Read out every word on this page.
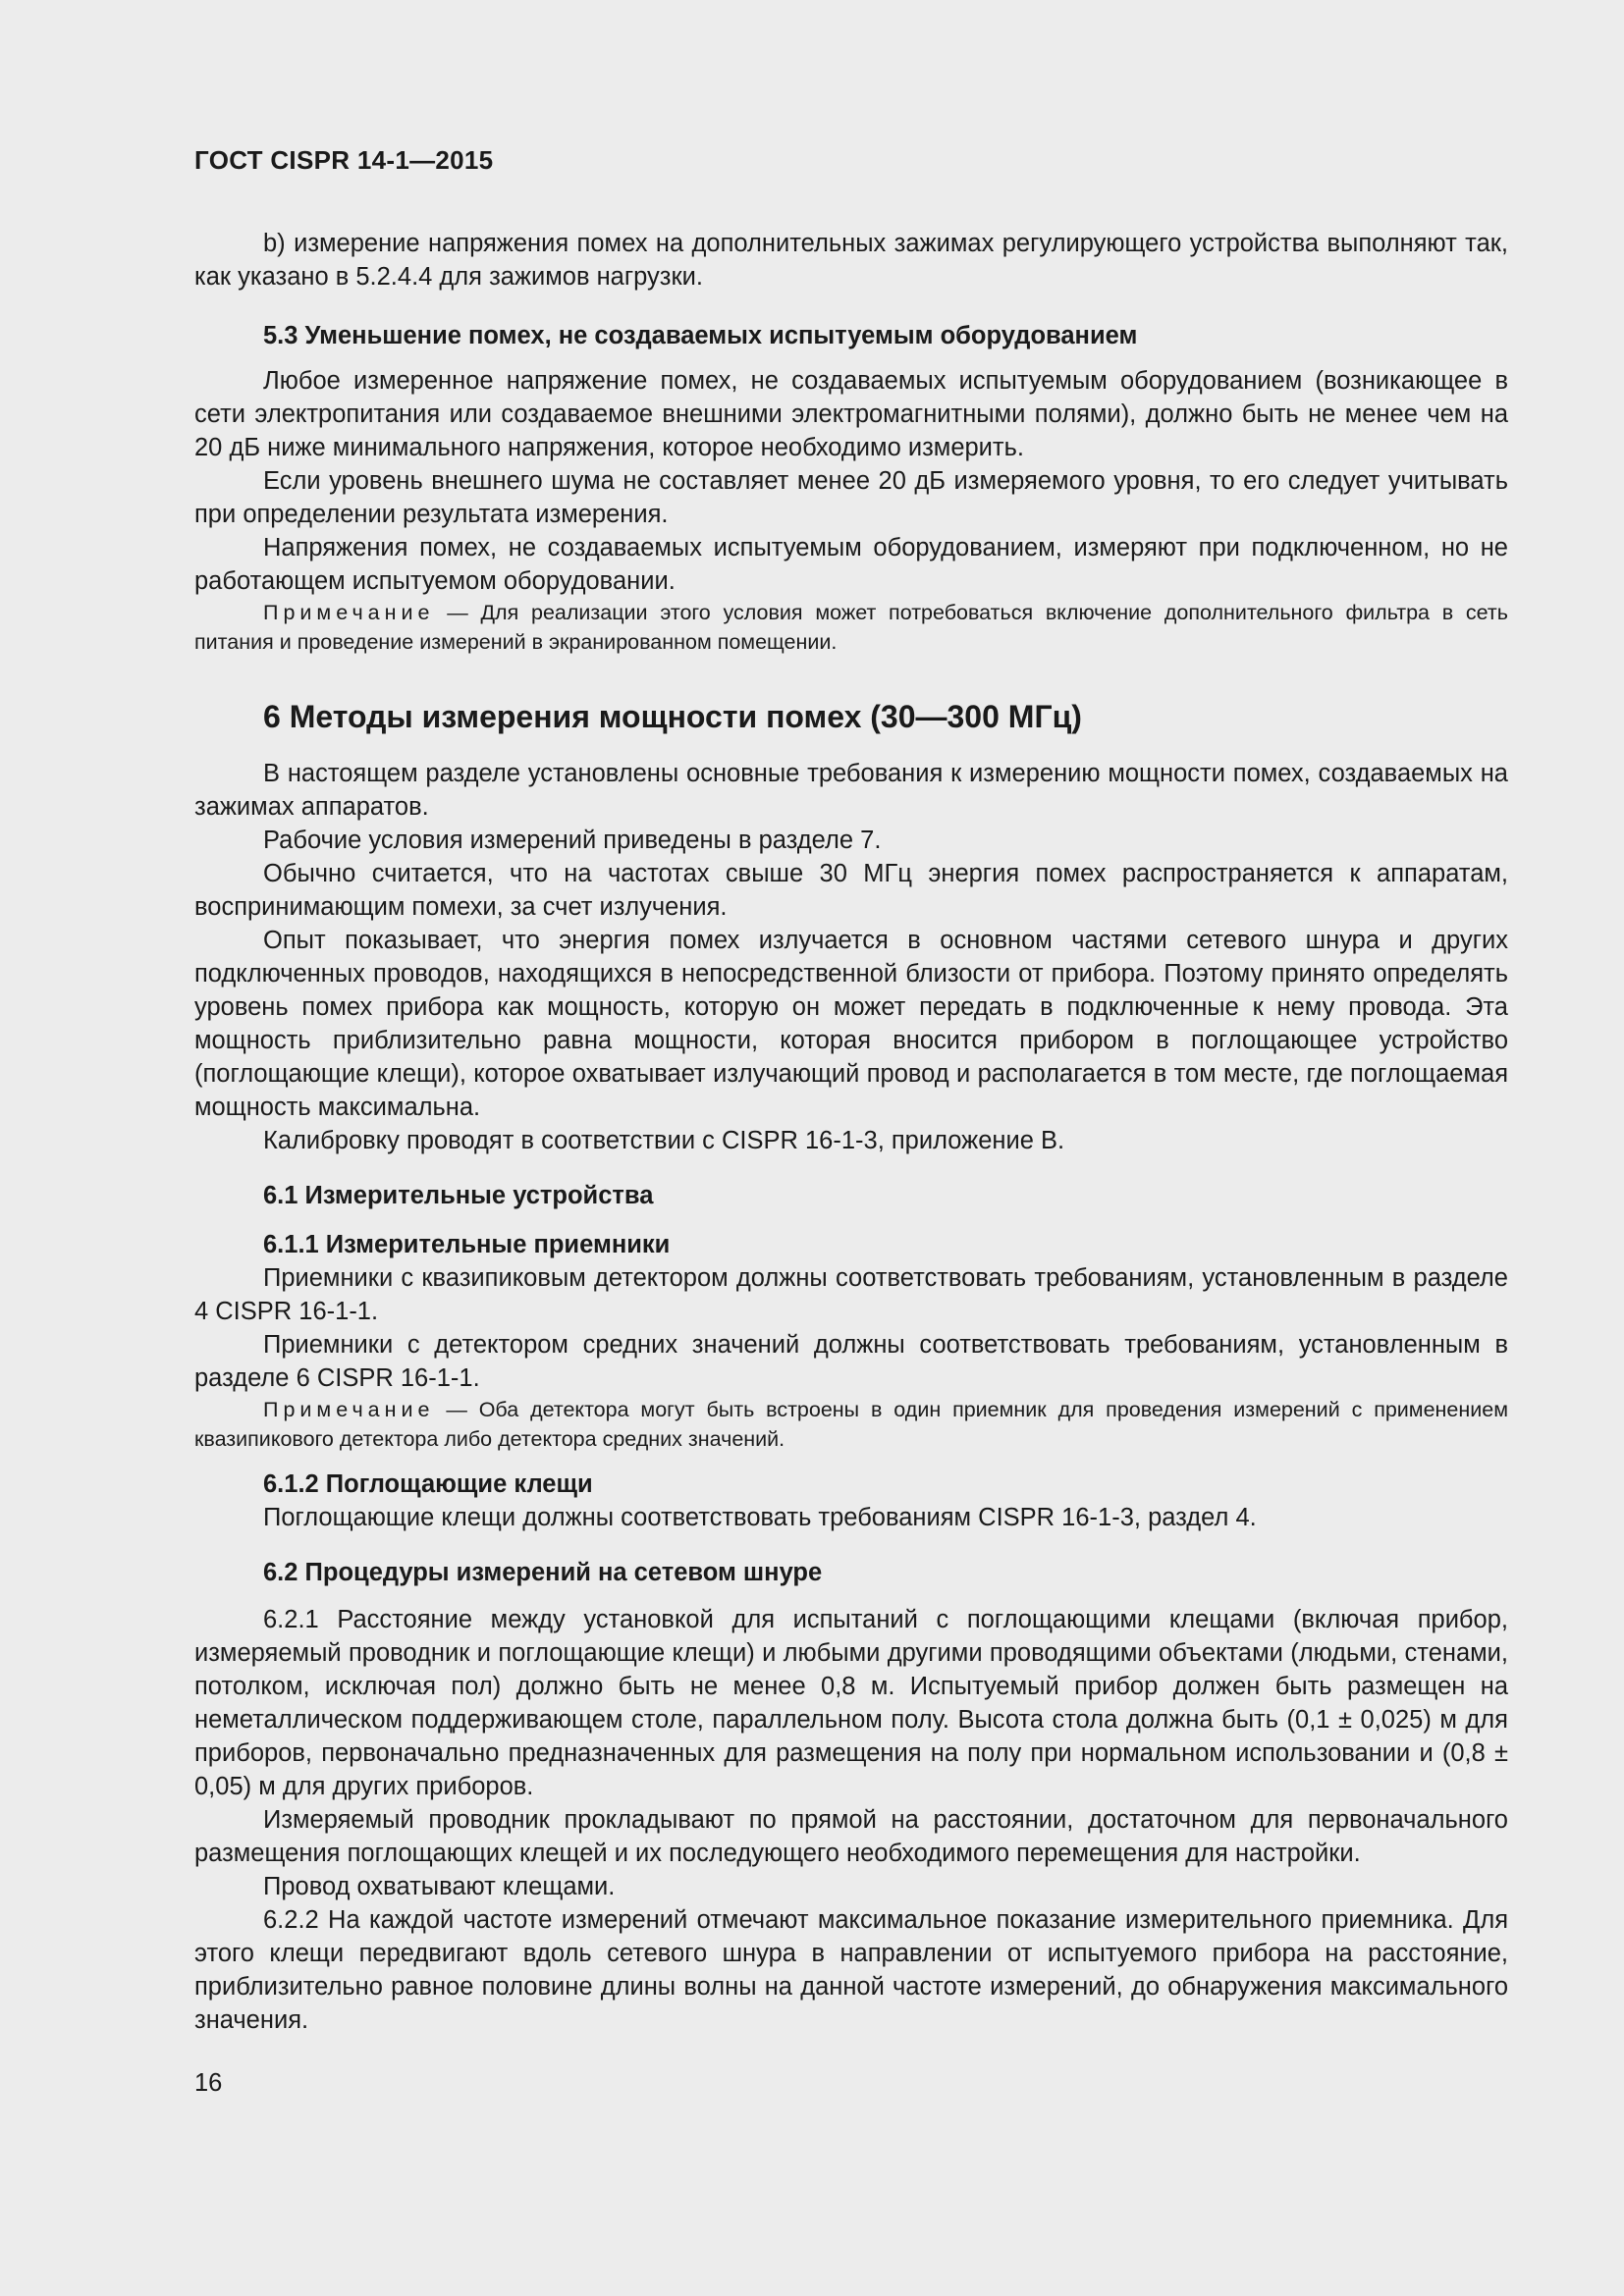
ГОСТ CISPR 14-1—2015

b) измерение напряжения помех на дополнительных зажимах регулирующего устройства выполняют так, как указано в 5.2.4.4 для зажимов нагрузки.

5.3 Уменьшение помех, не создаваемых испытуемым оборудованием

Любое измеренное напряжение помех, не создаваемых испытуемым оборудованием (возникающее в сети электропитания или создаваемое внешними электромагнитными полями), должно быть не менее чем на 20 дБ ниже минимального напряжения, которое необходимо измерить.

Если уровень внешнего шума не составляет менее 20 дБ измеряемого уровня, то его следует учитывать при определении результата измерения.

Напряжения помех, не создаваемых испытуемым оборудованием, измеряют при подключенном, но не работающем испытуемом оборудовании.

Примечание — Для реализации этого условия может потребоваться включение дополнительного фильтра в сеть питания и проведение измерений в экранированном помещении.
6 Методы измерения мощности помех (30—300 МГц)

В настоящем разделе установлены основные требования к измерению мощности помех, создаваемых на зажимах аппаратов.

Рабочие условия измерений приведены в разделе 7.

Обычно считается, что на частотах свыше 30 МГц энергия помех распространяется к аппаратам, воспринимающим помехи, за счет излучения.

Опыт показывает, что энергия помех излучается в основном частями сетевого шнура и других подключенных проводов, находящихся в непосредственной близости от прибора. Поэтому принято определять уровень помех прибора как мощность, которую он может передать в подключенные к нему провода. Эта мощность приблизительно равна мощности, которая вносится прибором в поглощающее устройство (поглощающие клещи), которое охватывает излучающий провод и располагается в том месте, где поглощаемая мощность максимальна.

Калибровку проводят в соответствии с CISPR 16-1-3, приложение В.

6.1 Измерительные устройства
6.1.1 Измерительные приемники

Приемники с квазипиковым детектором должны соответствовать требованиям, установленным в разделе 4 CISPR 16-1-1.

Приемники с детектором средних значений должны соответствовать требованиям, установленным в разделе 6 CISPR 16-1-1.

Примечание — Оба детектора могут быть встроены в один приемник для проведения измерений с применением квазипикового детектора либо детектора средних значений.
6.1.2 Поглощающие клещи

Поглощающие клещи должны соответствовать требованиям CISPR 16-1-3, раздел 4.

6.2 Процедуры измерений на сетевом шнуре

6.2.1 Расстояние между установкой для испытаний с поглощающими клещами (включая прибор, измеряемый проводник и поглощающие клещи) и любыми другими проводящими объектами (людьми, стенами, потолком, исключая пол) должно быть не менее 0,8 м. Испытуемый прибор должен быть размещен на неметаллическом поддерживающем столе, параллельном полу. Высота стола должна быть (0,1 ± 0,025) м для приборов, первоначально предназначенных для размещения на полу при нормальном использовании и (0,8 ± 0,05) м для других приборов.

Измеряемый проводник прокладывают по прямой на расстоянии, достаточном для первоначального размещения поглощающих клещей и их последующего необходимого перемещения для настройки.

Провод охватывают клещами.

6.2.2 На каждой частоте измерений отмечают максимальное показание измерительного приемника. Для этого клещи передвигают вдоль сетевого шнура в направлении от испытуемого прибора на расстояние, приблизительно равное половине длины волны на данной частоте измерений, до обнаружения максимального значения.

16
